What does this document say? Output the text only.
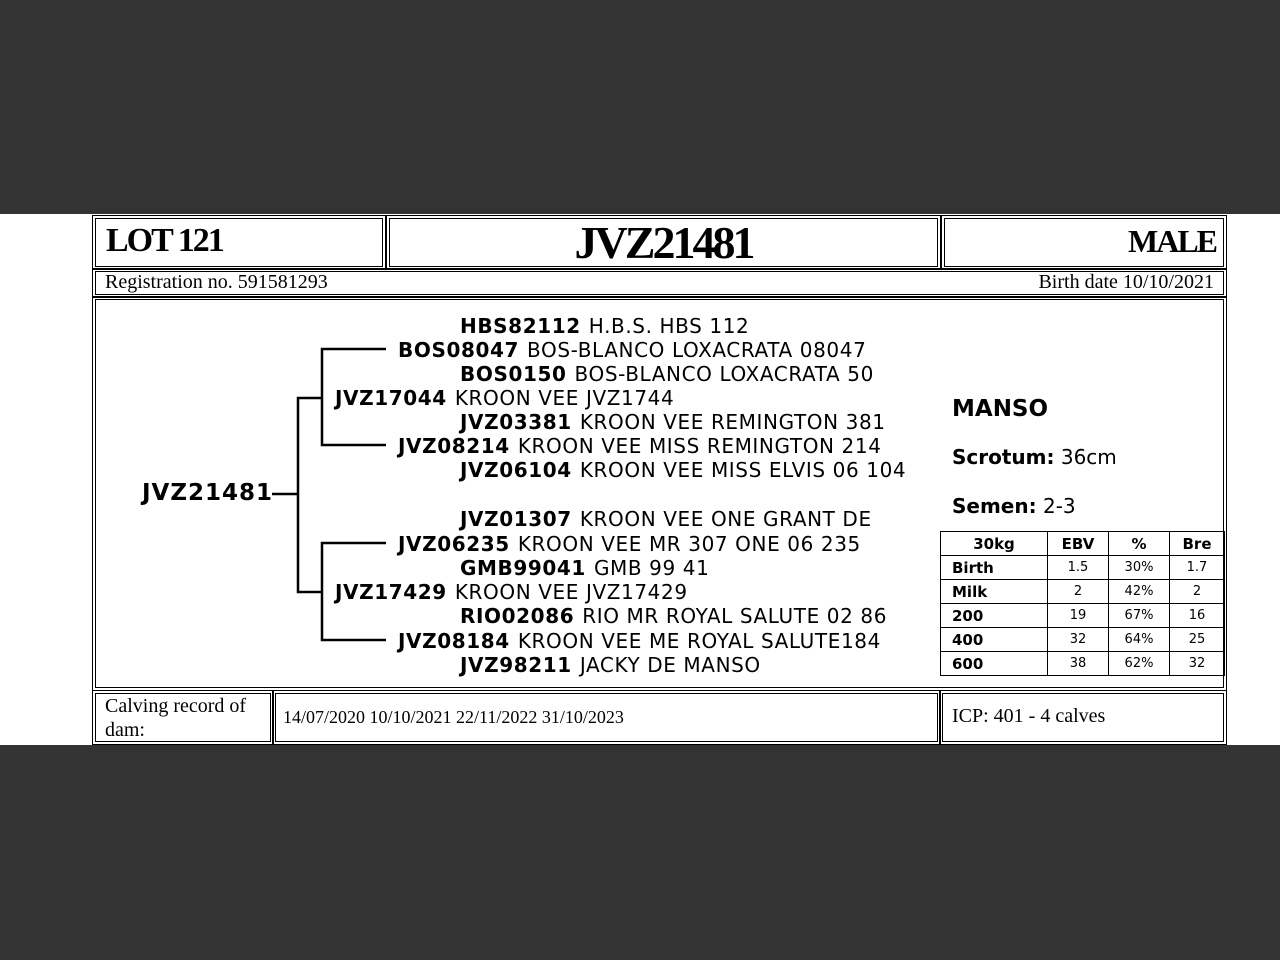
LOT 121	JVZ21481	MALE
Registration no. 591581293	Birth date 10/10/2021
Calving record of dam:
14/07/2020 10/10/2021 22/11/2022 31/10/2023	ICP: 401 - 4 calves
JVZ21481
HBS82112 H.B.S. HBS 112
BOS08047 BOS-BLANCO LOXACRATA 08047
BOS0150 BOS-BLANCO LOXACRATA 50
JVZ17044 KROON VEE JVZ1744
JVZ03381 KROON VEE REMINGTON 381
JVZ08214 KROON VEE MISS REMINGTON 214
JVZ06104 KROON VEE MISS ELVIS 06 104
JVZ01307 KROON VEE ONE GRANT DE
JVZ06235 KROON VEE MR 307 ONE 06 235
GMB99041 GMB 99 41
JVZ17429 KROON VEE JVZ17429
RIO02086 RIO MR ROYAL SALUTE 02 86
JVZ08184 KROON VEE ME ROYAL SALUTE184
JVZ98211 JACKY DE MANSO
MANSO
Scrotum: 36cm
Semen: 2-3
30kg	EBV	%	Bre
Birth	1.5	30%	1.7
Milk	2	42%	2
200	19	67%	16
400	32	64%	25
600	38	62%	32
